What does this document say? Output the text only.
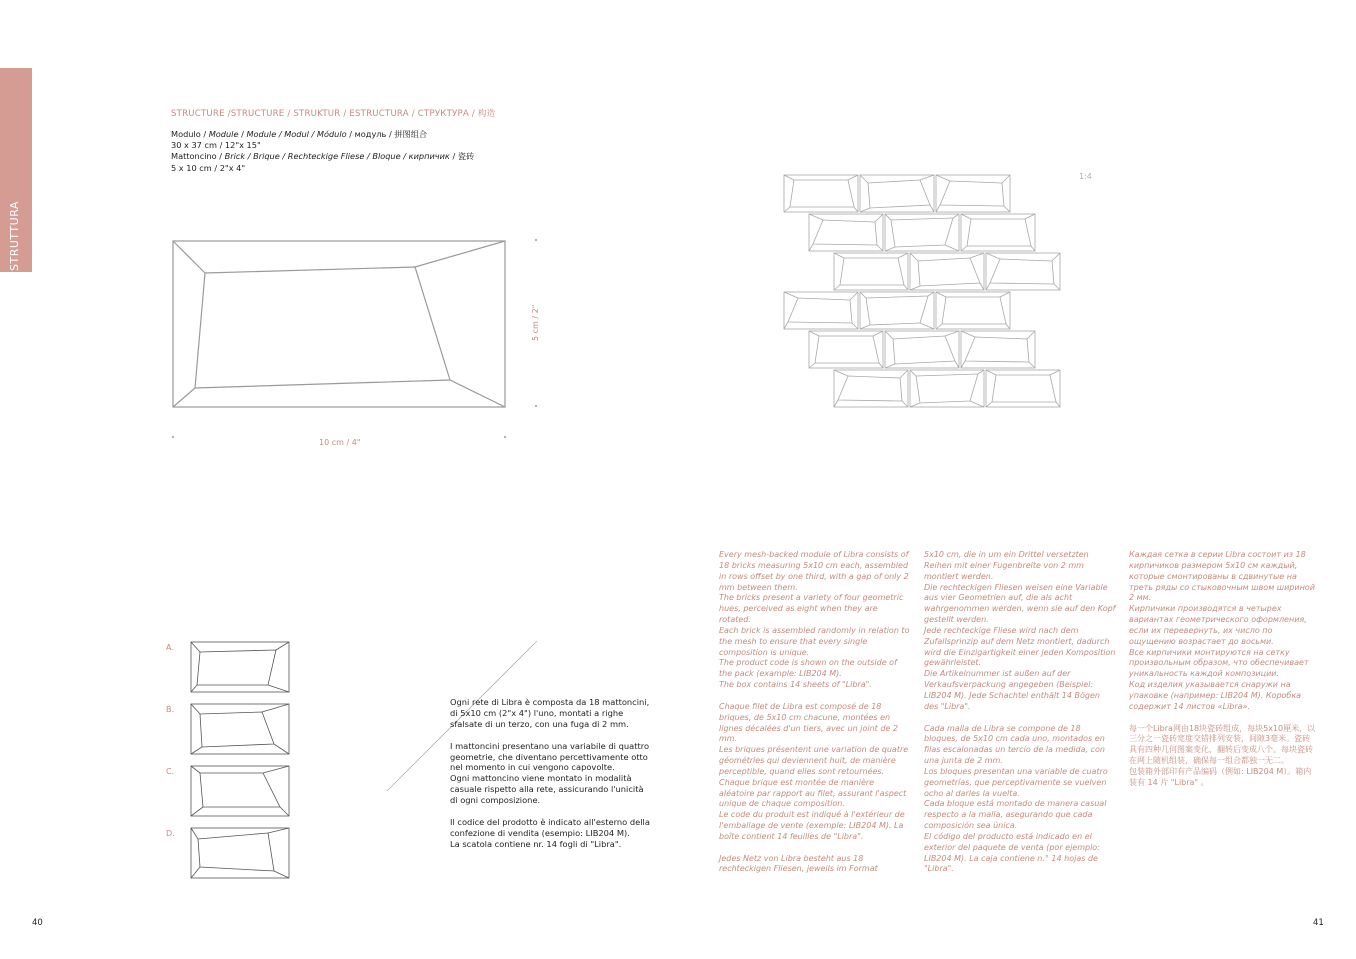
STRUTTURA
STRUCTURE /STRUCTURE / STRUKTUR / ESTRUCTURA / СТРУКТУРА / 构造
Modulo / Module / Module / Modul / Módulo / модуль / 拼图组合
30 x 37 cm / 12"x 15"
Mattoncino / Brick / Brique / Rechteckige Fliese / Bloque / кирпичик / 瓷砖
5 x 10 cm / 2"x 4"
10 cm / 4"
5 cm / 2"
1:4
A.
B.
C.
D.

Ogni rete di Libra è composta da 18 mattoncini, di 5x10 cm (2"x 4") l'uno, montati a righe sfalsate di un terzo, con una fuga di 2 mm.

I mattoncini presentano una variabile di quattro geometrie, che diventano percettivamente otto nel momento in cui vengono capovolte.
Ogni mattoncino viene montato in modalità casuale rispetto alla rete, assicurando l'unicità di ogni composizione.

Il codice del prodotto è indicato all'esterno della confezione di vendita (esempio: LIB204 M).
La scatola contiene nr. 14 fogli di "Libra".
Every mesh-backed module of Libra consists of 18 bricks measuring 5x10 cm each, assembled in rows offset by one third, with a gap of only 2 mm between them.
The bricks present a variety of four geometric hues, perceived as eight when they are rotated.
Each brick is assembled randomly in relation to the mesh to ensure that every single composition is unique.
The product code is shown on the outside of the pack (example: LIB204 M).
The box contains 14 sheets of "Libra".
Chaque filet de Libra est composé de 18 briques, de 5x10 cm chacune, montées en lignes décalées d'un tiers, avec un joint de 2 mm.
Les briques présentent une variation de quatre géométries qui deviennent huit, de manière perceptible, quand elles sont retournées.
Chaque brique est montée de manière aléatoire par rapport au filet, assurant l'aspect unique de chaque composition.
Le code du produit est indiqué à l'extérieur de l'emballage de vente (exemple: LIB204 M). La boîte contient 14 feuilles de "Libra".
Jedes Netz von Libra besteht aus 18 rechteckigen Fliesen, jeweils im Format
5x10 cm, die in um ein Drittel versetzten Reihen mit einer Fugenbreite von 2 mm montiert werden.
Die rechteckigen Fliesen weisen eine Variable aus vier Geometrien auf, die als acht wahrgenommen werden, wenn sie auf den Kopf gestellt werden.
Jede rechteckige Fliese wird nach dem Zufallsprinzip auf dem Netz montiert, dadurch wird die Einzigartigkeit einer jeden Komposition gewährleistet.
Die Artikelnummer ist außen auf der Verkaufsverpackung angegeben (Beispiel: LIB204 M). Jede Schachtel enthält 14 Bögen des "Libra".
Cada malla de Libra se compone de 18 bloques, de 5x10 cm cada uno, montados en filas escalonadas un tercio de la medida, con una junta de 2 mm.
Los bloques presentan una variable de cuatro geometrías, que perceptivamente se vuelven ocho al darles la vuelta.
Cada bloque está montado de manera casual respecto a la malla, asegurando que cada composición sea única.
El código del producto está indicado en el exterior del paquete de venta (por ejemplo: LIB204 M). La caja contiene n.° 14 hojas de "Libra".
Каждая сетка в серии Libra состоит из 18 кирпичиков размером 5x10 см каждый, которые смонтированы в сдвинутые на треть ряды со стыковочным швом шириной 2 мм.
Кирпичики производятся в четырех вариантах геометрического оформления, если их перевернуть, их число по ощущению возрастает до восьми.
Все кирпичики монтируются на сетку произвольным образом, что обеспечивает уникальность каждой композиции.
Код изделия указывается снаружи на упаковке (например: LIB204 M). Коробка содержит 14 листов «Libra».
每一个Libra网由18块瓷砖组成，每块5x10厘米，以三分之一瓷砖宽度交错排列安装，间隙3毫米。瓷砖具有四种几何图案变化，翻转后变成八个。每块瓷砖在网上随机组装，确保每一组合都独一无二。
包装箱外部印有产品编码（例如: LIB204 M）。箱内装有 14 片 "Libra" 。
40	41
